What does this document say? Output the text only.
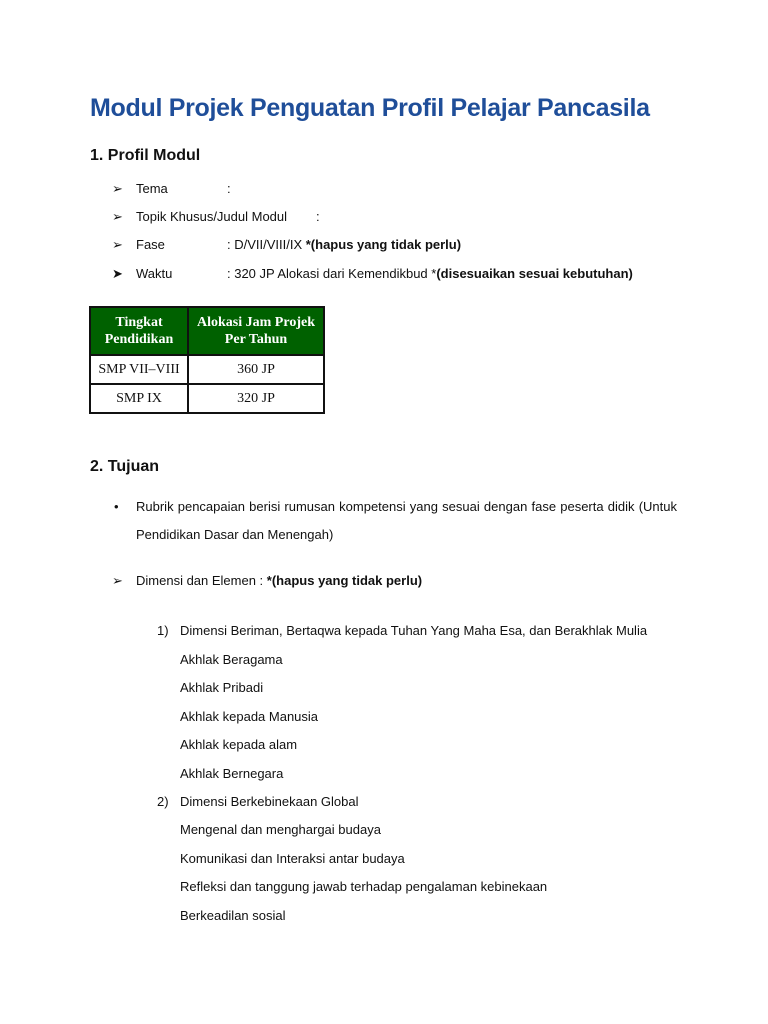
Modul Projek Penguatan Profil Pelajar Pancasila
1. Profil Modul
➢ Tema	:
➢ Topik Khusus/Judul Modul :
➢ Fase	: D/VII/VIII/IX *(hapus yang tidak perlu)
➤ Waktu	: 320 JP Alokasi dari Kemendikbud *(disesuaikan sesuai kebutuhan)
Tingkat Pendidikan	Alokasi Jam Projek Per Tahun
SMP VII–VIII	360 JP
SMP IX	320 JP
2. Tujuan
• Rubrik pencapaian berisi rumusan kompetensi yang sesuai dengan fase peserta didik (Untuk Pendidikan Dasar dan Menengah)
➢ Dimensi dan Elemen : *(hapus yang tidak perlu)
1) Dimensi Beriman, Bertaqwa kepada Tuhan Yang Maha Esa, dan Berakhlak Mulia
Akhlak Beragama
Akhlak Pribadi
Akhlak kepada Manusia
Akhlak kepada alam
Akhlak Bernegara
2) Dimensi Berkebinekaan Global
Mengenal dan menghargai budaya
Komunikasi dan Interaksi antar budaya
Refleksi dan tanggung jawab terhadap pengalaman kebinekaan
Berkeadilan sosial
